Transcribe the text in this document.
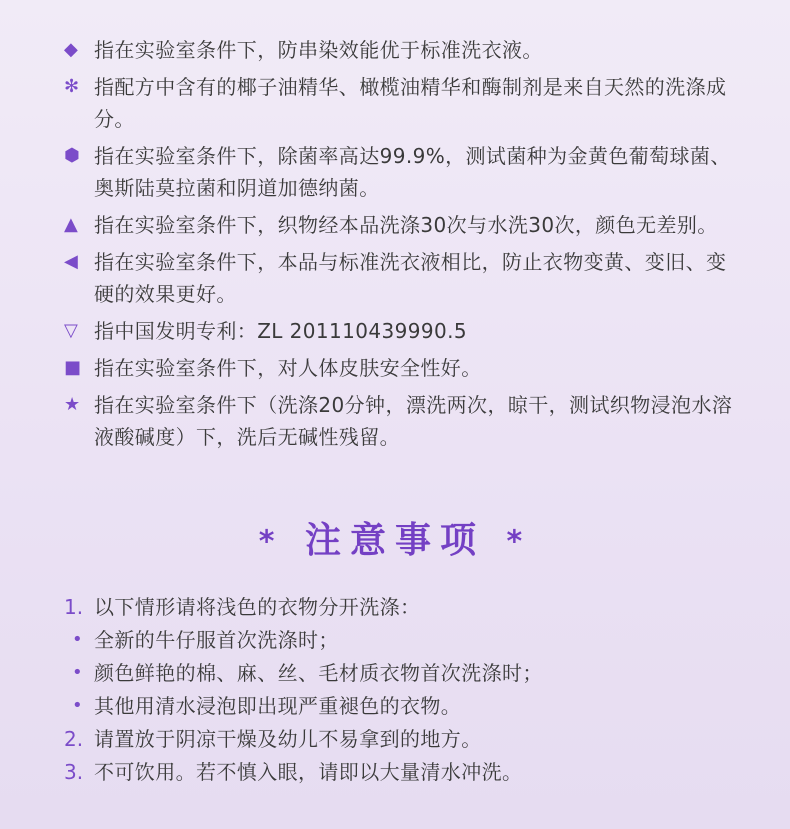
◆ 指在实验室条件下，防串染效能优于标准洗衣液。
✻ 指配方中含有的椰子油精华、橄榄油精华和酶制剂是来自天然的洗涤成分。
⬢ 指在实验室条件下，除菌率高达99.9%，测试菌种为金黄色葡萄球菌、奥斯陆莫拉菌和阴道加德纳菌。
▲ 指在实验室条件下，织物经本品洗涤30次与水洗30次，颜色无差别。
◀ 指在实验室条件下，本品与标准洗衣液相比，防止衣物变黄、变旧、变硬的效果更好。
▽ 指中国发明专利：ZL 201110439990.5
■ 指在实验室条件下，对人体皮肤安全性好。
★ 指在实验室条件下（洗涤20分钟，漂洗两次，晾干，测试织物浸泡水溶液酸碱度）下，洗后无碱性残留。
* 注意事项 *
1. 以下情形请将浅色的衣物分开洗涤：
• 全新的牛仔服首次洗涤时；
• 颜色鲜艳的棉、麻、丝、毛材质衣物首次洗涤时；
• 其他用清水浸泡即出现严重褪色的衣物。
2. 请置放于阴凉干燥及幼儿不易拿到的地方。
3. 不可饮用。若不慎入眼，请即以大量清水冲洗。
